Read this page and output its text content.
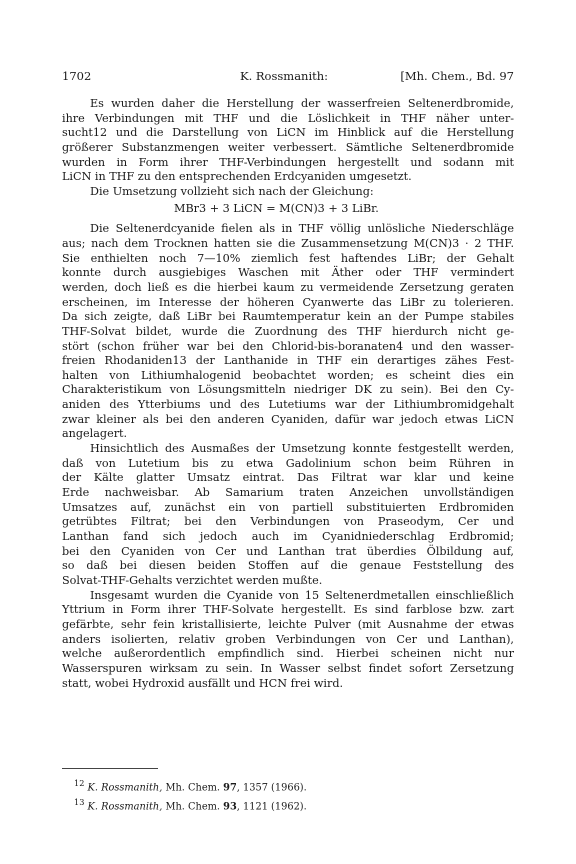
1702	K. Rossmanith:	[Mh. Chem., Bd. 97
Es wurden daher die Herstellung der wasserfreien Seltenerdbromide,
ihre Verbindungen mit THF und die Löslichkeit in THF näher unter-
sucht12 und die Darstellung von LiCN im Hinblick auf die Herstellung
größerer Substanzmengen weiter verbessert. Sämtliche Seltenerdbromide
wurden in Form ihrer THF-Verbindungen hergestellt und sodann mit
LiCN in THF zu den entsprechenden Erdcyaniden umgesetzt.
Die Umsetzung vollzieht sich nach der Gleichung:
MBr3 + 3 LiCN = M(CN)3 + 3 LiBr.
Die Seltenerdcyanide fielen als in THF völlig unlösliche Niederschläge
aus; nach dem Trocknen hatten sie die Zusammensetzung M(CN)3 · 2 THF.
Sie enthielten noch 7—10% ziemlich fest haftendes LiBr; der Gehalt
konnte durch ausgiebiges Waschen mit Äther oder THF vermindert
werden, doch ließ es die hierbei kaum zu vermeidende Zersetzung geraten
erscheinen, im Interesse der höheren Cyanwerte das LiBr zu tolerieren.
Da sich zeigte, daß LiBr bei Raumtemperatur kein an der Pumpe stabiles
THF-Solvat bildet, wurde die Zuordnung des THF hierdurch nicht ge-
stört (schon früher war bei den Chlorid-bis-boranaten4 und den wasser-
freien Rhodaniden13 der Lanthanide in THF ein derartiges zähes Fest-
halten von Lithiumhalogenid beobachtet worden; es scheint dies ein
Charakteristikum von Lösungsmitteln niedriger DK zu sein). Bei den Cy-
aniden des Ytterbiums und des Lutetiums war der Lithiumbromidgehalt
zwar kleiner als bei den anderen Cyaniden, dafür war jedoch etwas LiCN
angelagert.
Hinsichtlich des Ausmaßes der Umsetzung konnte festgestellt werden,
daß von Lutetium bis zu etwa Gadolinium schon beim Rühren in
der Kälte glatter Umsatz eintrat. Das Filtrat war klar und keine
Erde nachweisbar. Ab Samarium traten Anzeichen unvollständigen
Umsatzes auf, zunächst ein von partiell substituierten Erdbromiden
getrübtes Filtrat; bei den Verbindungen von Praseodym, Cer und
Lanthan fand sich jedoch auch im Cyanidniederschlag Erdbromid;
bei den Cyaniden von Cer und Lanthan trat überdies Ölbildung auf,
so daß bei diesen beiden Stoffen auf die genaue Feststellung des
Solvat-THF-Gehalts verzichtet werden mußte.
Insgesamt wurden die Cyanide von 15 Seltenerdmetallen einschließlich
Yttrium in Form ihrer THF-Solvate hergestellt. Es sind farblose bzw. zart
gefärbte, sehr fein kristallisierte, leichte Pulver (mit Ausnahme der etwas
anders isolierten, relativ groben Verbindungen von Cer und Lanthan),
welche außerordentlich empfindlich sind. Hierbei scheinen nicht nur
Wasserspuren wirksam zu sein. In Wasser selbst findet sofort Zersetzung
statt, wobei Hydroxid ausfällt und HCN frei wird.
$^{12}$ K. Rossmanith, Mh. Chem. 97, 1357 (1966).
$^{13}$ K. Rossmanith, Mh. Chem. 93, 1121 (1962).
